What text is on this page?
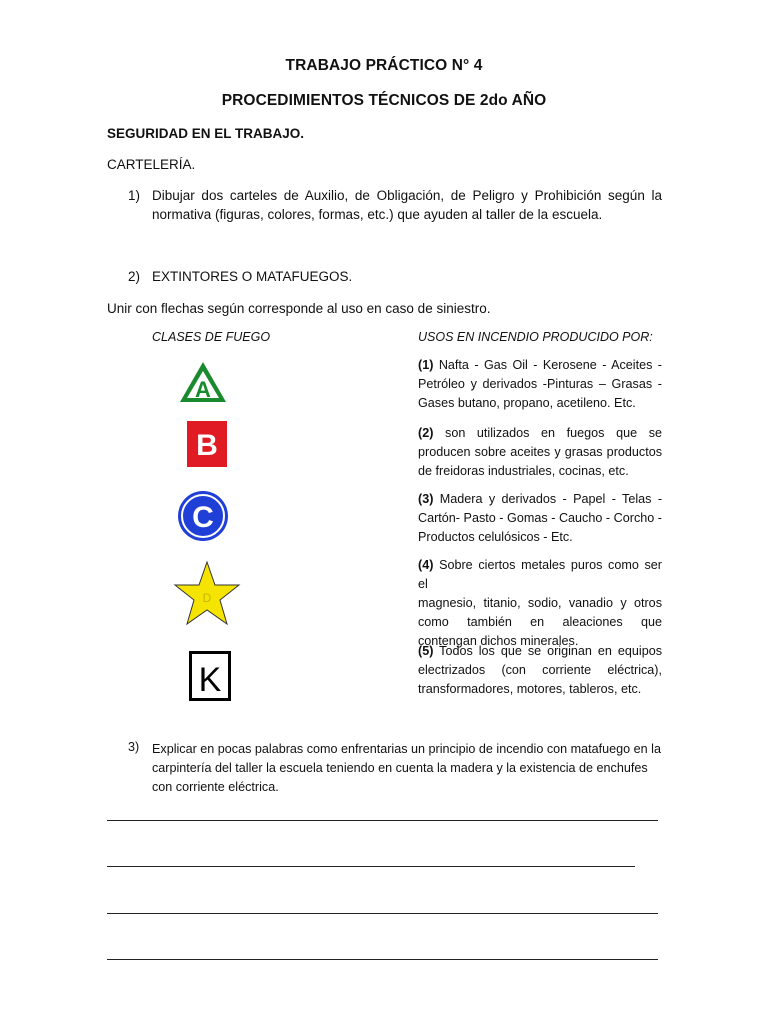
TRABAJO PRÁCTICO N° 4
PROCEDIMIENTOS TÉCNICOS DE 2do AÑO
SEGURIDAD EN EL TRABAJO.
CARTELERÍA.
1) Dibujar dos carteles de Auxilio, de Obligación, de Peligro y Prohibición según la
normativa (figuras, colores, formas, etc.) que ayuden al taller de la escuela.
2) EXTINTORES O MATAFUEGOS.
Unir con flechas según corresponde al uso en caso de siniestro.
CLASES DE FUEGO	USOS EN INCENDIO PRODUCIDO POR:
A
B
C
D
K
(1) Nafta - Gas Oil - Kerosene - Aceites -
Petróleo y derivados -Pinturas – Grasas -
Gases butano, propano, acetileno. Etc.
(2) son utilizados en fuegos que se
producen sobre aceites y grasas productos
de freidoras industriales, cocinas, etc.
(3) Madera y derivados - Papel - Telas -
Cartón- Pasto - Gomas - Caucho - Corcho -
Productos celulósicos - Etc.
(4) Sobre ciertos metales puros como ser el
magnesio, titanio, sodio, vanadio y otros
como también en aleaciones que
contengan dichos minerales.
(5) Todos los que se originan en equipos
electrizados (con corriente eléctrica),
transformadores, motores, tableros, etc.
3) Explicar en pocas palabras como enfrentarias un principio de incendio con matafuego en la
carpintería del taller la escuela teniendo en cuenta la madera y la existencia de enchufes
con corriente eléctrica.
